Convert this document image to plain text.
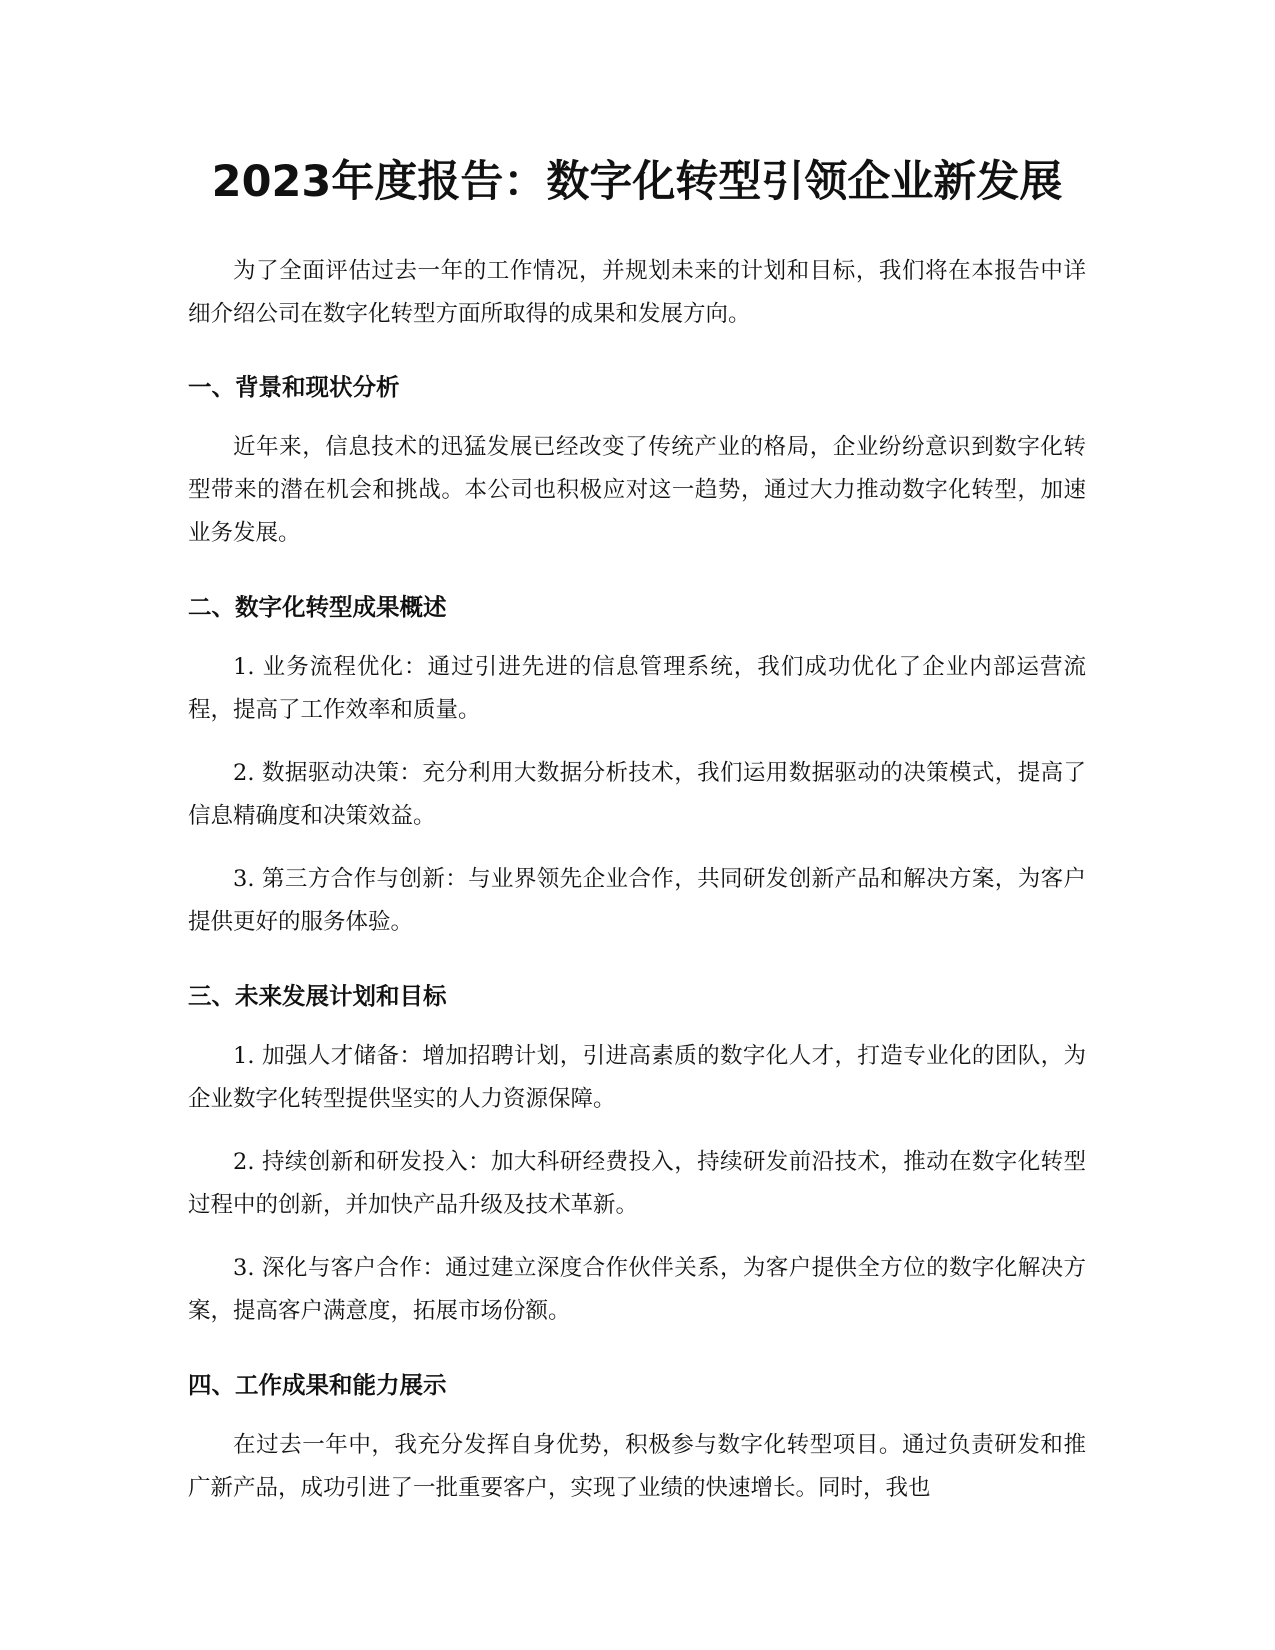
2023年度报告：数字化转型引领企业新发展

为了全面评估过去一年的工作情况，并规划未来的计划和目标，我们将在本报告中详细介绍公司在数字化转型方面所取得的成果和发展方向。

一、背景和现状分析

近年来，信息技术的迅猛发展已经改变了传统产业的格局，企业纷纷意识到数字化转型带来的潜在机会和挑战。本公司也积极应对这一趋势，通过大力推动数字化转型，加速业务发展。

二、数字化转型成果概述

1. 业务流程优化：通过引进先进的信息管理系统，我们成功优化了企业内部运营流程，提高了工作效率和质量。

2. 数据驱动决策：充分利用大数据分析技术，我们运用数据驱动的决策模式，提高了信息精确度和决策效益。

3. 第三方合作与创新：与业界领先企业合作，共同研发创新产品和解决方案，为客户提供更好的服务体验。

三、未来发展计划和目标

1. 加强人才储备：增加招聘计划，引进高素质的数字化人才，打造专业化的团队，为企业数字化转型提供坚实的人力资源保障。

2. 持续创新和研发投入：加大科研经费投入，持续研发前沿技术，推动在数字化转型过程中的创新，并加快产品升级及技术革新。

3. 深化与客户合作：通过建立深度合作伙伴关系，为客户提供全方位的数字化解决方案，提高客户满意度，拓展市场份额。

四、工作成果和能力展示

在过去一年中，我充分发挥自身优势，积极参与数字化转型项目。通过负责研发和推广新产品，成功引进了一批重要客户，实现了业绩的快速增长。同时，我也
